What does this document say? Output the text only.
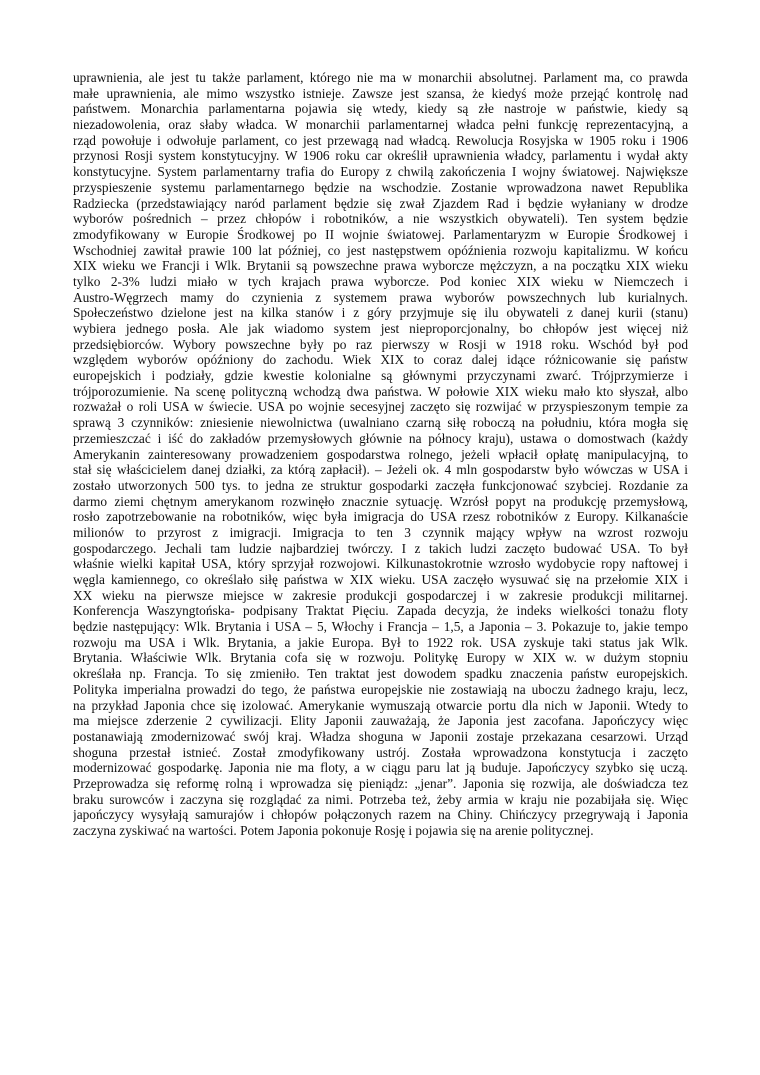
uprawnienia, ale jest tu także parlament, którego nie ma w monarchii absolutnej. Parlament ma, co prawda
małe uprawnienia, ale mimo wszystko istnieje. Zawsze jest szansa, że kiedyś może przejąć kontrolę nad
państwem. Monarchia parlamentarna pojawia się wtedy, kiedy są złe nastroje w państwie, kiedy są
niezadowolenia, oraz słaby władca. W monarchii parlamentarnej władca pełni funkcję reprezentacyjną, a
rząd powołuje i odwołuje parlament, co jest przewagą nad władcą. Rewolucja Rosyjska w 1905 roku i 1906
przynosi Rosji system konstytucyjny. W 1906 roku car określił uprawnienia władcy, parlamentu i wydał akty
konstytucyjne. System parlamentarny trafia do Europy z chwilą zakończenia I wojny światowej. Największe
przyspieszenie systemu parlamentarnego będzie na wschodzie. Zostanie wprowadzona nawet Republika
Radziecka (przedstawiający naród parlament będzie się zwał Zjazdem Rad i będzie wyłaniany w drodze
wyborów pośrednich – przez chłopów i robotników, a nie wszystkich obywateli). Ten system będzie
zmodyfikowany w Europie Środkowej po II wojnie światowej. Parlamentaryzm w Europie Środkowej i
Wschodniej zawitał prawie 100 lat później, co jest następstwem opóźnienia rozwoju kapitalizmu. W końcu
XIX wieku we Francji i Wlk. Brytanii są powszechne prawa wyborcze mężczyzn, a na początku XIX wieku
tylko 2-3% ludzi miało w tych krajach prawa wyborcze. Pod koniec XIX wieku w Niemczech i
Austro-Węgrzech mamy do czynienia z systemem prawa wyborów powszechnych lub kurialnych.
Społeczeństwo dzielone jest na kilka stanów i z góry przyjmuje się ilu obywateli z danej kurii (stanu)
wybiera jednego posła. Ale jak wiadomo system jest nieproporcjonalny, bo chłopów jest więcej niż
przedsiębiorców. Wybory powszechne były po raz pierwszy w Rosji w 1918 roku. Wschód był pod
względem wyborów opóźniony do zachodu. Wiek XIX to coraz dalej idące różnicowanie się państw
europejskich i podziały, gdzie kwestie kolonialne są głównymi przyczynami zwarć. Trójprzymierze i
trójporozumienie. Na scenę polityczną wchodzą dwa państwa. W połowie XIX wieku mało kto słyszał, albo
rozważał o roli USA w świecie. USA po wojnie secesyjnej zaczęto się rozwijać w przyspieszonym tempie za
sprawą 3 czynników: zniesienie niewolnictwa (uwalniano czarną siłę roboczą na południu, która mogła się
przemieszczać i iść do zakładów przemysłowych głównie na północy kraju), ustawa o domostwach (każdy
Amerykanin zainteresowany prowadzeniem gospodarstwa rolnego, jeżeli wpłacił opłatę manipulacyjną, to
stał się właścicielem danej działki, za którą zapłacił). – Jeżeli ok. 4 mln gospodarstw było wówczas w USA i
zostało utworzonych 500 tys. to jedna ze struktur gospodarki zaczęła funkcjonować szybciej. Rozdanie za
darmo ziemi chętnym amerykanom rozwinęło znacznie sytuację. Wzrósł popyt na produkcję przemysłową,
rosło zapotrzebowanie na robotników, więc była imigracja do USA rzesz robotników z Europy. Kilkanaście
milionów to przyrost z imigracji. Imigracja to ten 3 czynnik mający wpływ na wzrost rozwoju
gospodarczego. Jechali tam ludzie najbardziej twórczy. I z takich ludzi zaczęto budować USA. To był
właśnie wielki kapitał USA, który sprzyjał rozwojowi. Kilkunastokrotnie wzrosło wydobycie ropy naftowej i
węgla kamiennego, co określało siłę państwa w XIX wieku. USA zaczęło wysuwać się na przełomie XIX i
XX wieku na pierwsze miejsce w zakresie produkcji gospodarczej i w zakresie produkcji militarnej.
Konferencja Waszyngtońska- podpisany Traktat Pięciu. Zapada decyzja, że indeks wielkości tonażu floty
będzie następujący: Wlk. Brytania i USA – 5, Włochy i Francja – 1,5, a Japonia – 3. Pokazuje to, jakie tempo
rozwoju ma USA i Wlk. Brytania, a jakie Europa. Był to 1922 rok. USA zyskuje taki status jak Wlk.
Brytania. Właściwie Wlk. Brytania cofa się w rozwoju. Politykę Europy w XIX w. w dużym stopniu
określała np. Francja. To się zmieniło. Ten traktat jest dowodem spadku znaczenia państw europejskich.
Polityka imperialna prowadzi do tego, że państwa europejskie nie zostawiają na uboczu żadnego kraju, lecz,
na przykład Japonia chce się izolować. Amerykanie wymuszają otwarcie portu dla nich w Japonii. Wtedy to
ma miejsce zderzenie 2 cywilizacji. Elity Japonii zauważają, że Japonia jest zacofana. Japończycy więc
postanawiają zmodernizować swój kraj. Władza shoguna w Japonii zostaje przekazana cesarzowi. Urząd
shoguna przestał istnieć. Został zmodyfikowany ustrój. Została wprowadzona konstytucja i zaczęto
modernizować gospodarkę. Japonia nie ma floty, a w ciągu paru lat ją buduje. Japończycy szybko się uczą.
Przeprowadza się reformę rolną i wprowadza się pieniądz: „jenar”. Japonia się rozwija, ale doświadcza tez
braku surowców i zaczyna się rozglądać za nimi. Potrzeba też, żeby armia w kraju nie pozabijała się. Więc
japończycy wysyłają samurajów i chłopów połączonych razem na Chiny. Chińczycy przegrywają i Japonia
zaczyna zyskiwać na wartości. Potem Japonia pokonuje Rosję i pojawia się na arenie politycznej.
